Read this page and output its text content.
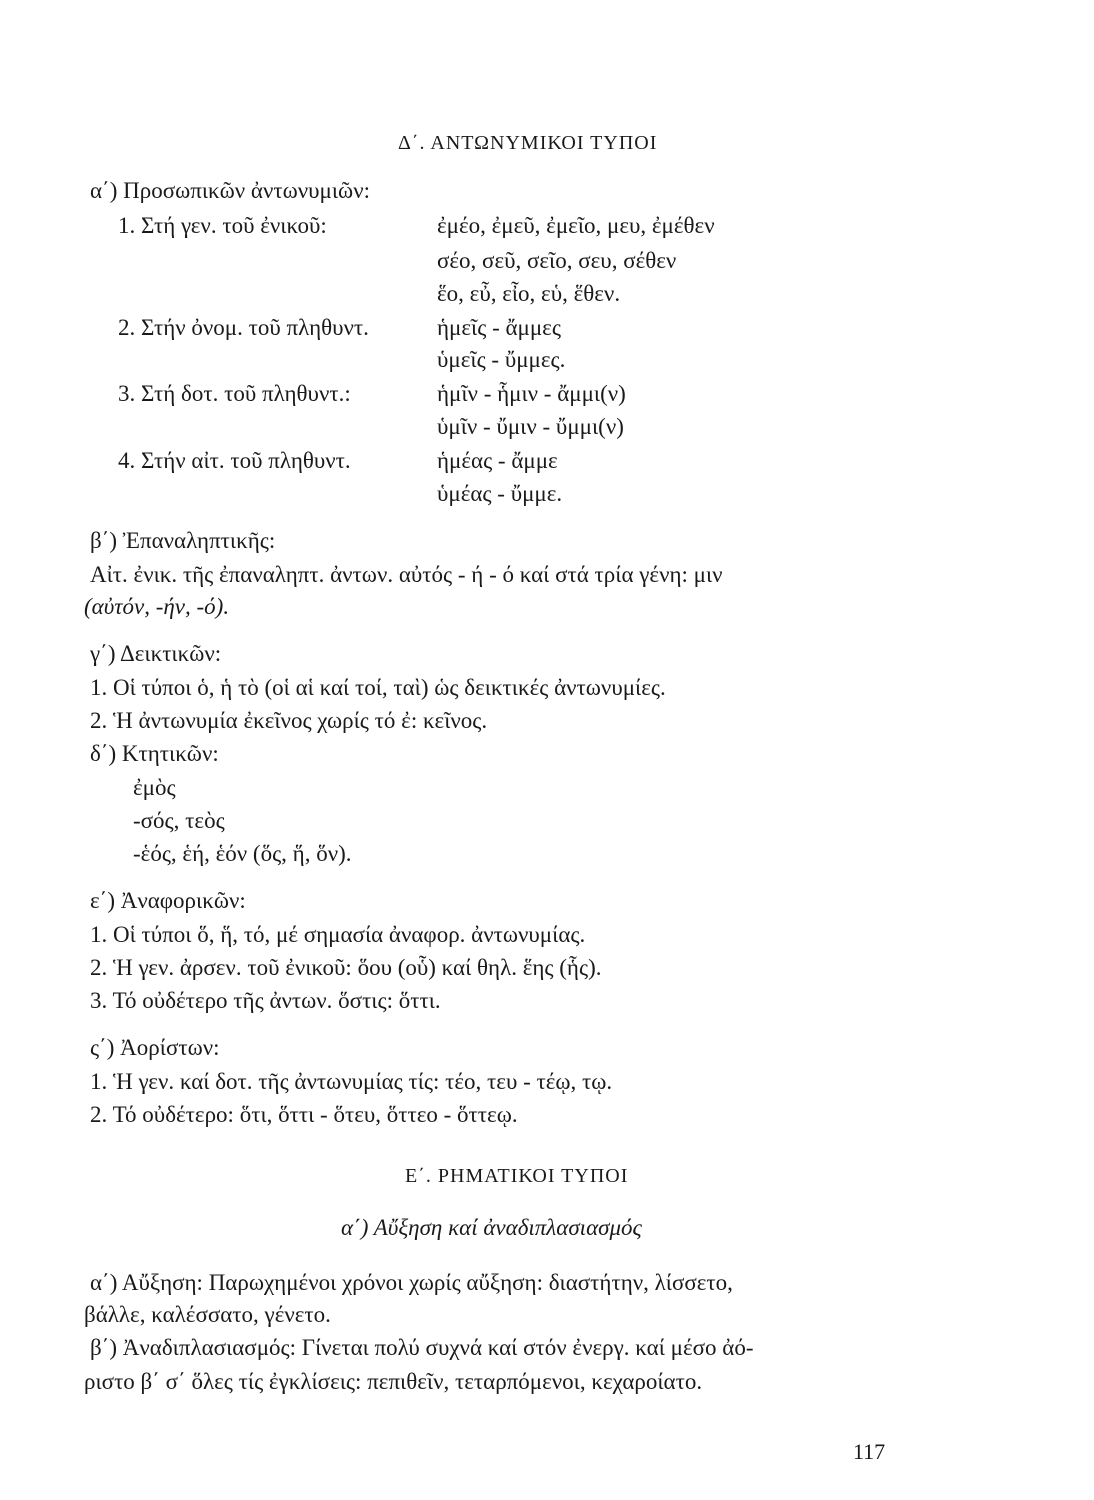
Δ΄. ΑΝΤΩΝΥΜΙΚΟΙ ΤΥΠΟΙ
α΄) Προσωπικῶν ἀντωνυμιῶν:
1. Στή γεν. τοῦ ἐνικοῦ:	ἐμέο, ἐμεῦ, ἐμεῖο, μευ, ἐμέθεν
σέο, σεῦ, σεῖο, σευ, σέθεν
ἕο, εὖ, εἶο, εὑ, ἕθεν.
2. Στήν ὀνομ. τοῦ πληθυντ.	ἡμεῖς - ἄμμες
ὑμεῖς - ὔμμες.
3. Στή δοτ. τοῦ πληθυντ.:	ἡμῖν - ἧμιν - ἄμμι(ν)
ὑμῖν - ὔμιν - ὔμμι(ν)
4. Στήν αἰτ. τοῦ πληθυντ.	ἡμέας - ἄμμε
ὑμέας - ὔμμε.
β΄) Ἐπαναληπτικῆς:
Αἰτ. ἐνικ. τῆς ἐπαναληπτ. ἀντων. αὐτός - ή - ό καί στά τρία γένη: μιν
(αὐτόν, -ήν, -ό).
γ΄) Δεικτικῶν:
1. Οἱ τύποι ὁ, ἡ τὸ (οἱ αἱ καί τοί, ταὶ) ὡς δεικτικές ἀντωνυμίες.
2. Ἡ ἀντωνυμία ἐκεῖνος χωρίς τό ἐ: κεῖνος.
δ΄) Κτητικῶν:
ἐμὸς
-σός, τεὸς
-ἑός, ἑή, ἑόν (ὅς, ἥ, ὅν).
ε΄) Ἀναφορικῶν:
1. Οἱ τύποι ὅ, ἥ, τό, μέ σημασία ἀναφορ. ἀντωνυμίας.
2. Ἡ γεν. ἀρσεν. τοῦ ἐνικοῦ: ὅου (οὗ) καί θηλ. ἕης (ἧς).
3. Τό οὐδέτερο τῆς ἀντων. ὅστις: ὅττι.
ς΄) Ἀορίστων:
1. Ἡ γεν. καί δοτ. τῆς ἀντωνυμίας τίς: τέο, τευ - τέῳ, τῳ.
2. Τό οὐδέτερο: ὅτι, ὅττι - ὅτευ, ὅττεο - ὅττεῳ.
Ε΄. ΡΗΜΑΤΙΚΟΙ ΤΥΠΟΙ
α΄) Αὔξηση καί ἀναδιπλασιασμός
α΄) Αὔξηση: Παρωχημένοι χρόνοι χωρίς αὔξηση: διαστήτην, λίσσετο,
βάλλε, καλέσσατο, γένετο.
β΄) Ἀναδιπλασιασμός: Γίνεται πολύ συχνά καί στόν ἐνεργ. καί μέσο ἀό-
ριστο β΄ σ΄ ὅλες τίς ἐγκλίσεις: πεπιθεῖν, τεταρπόμενοι, κεχαροίατο.
117
